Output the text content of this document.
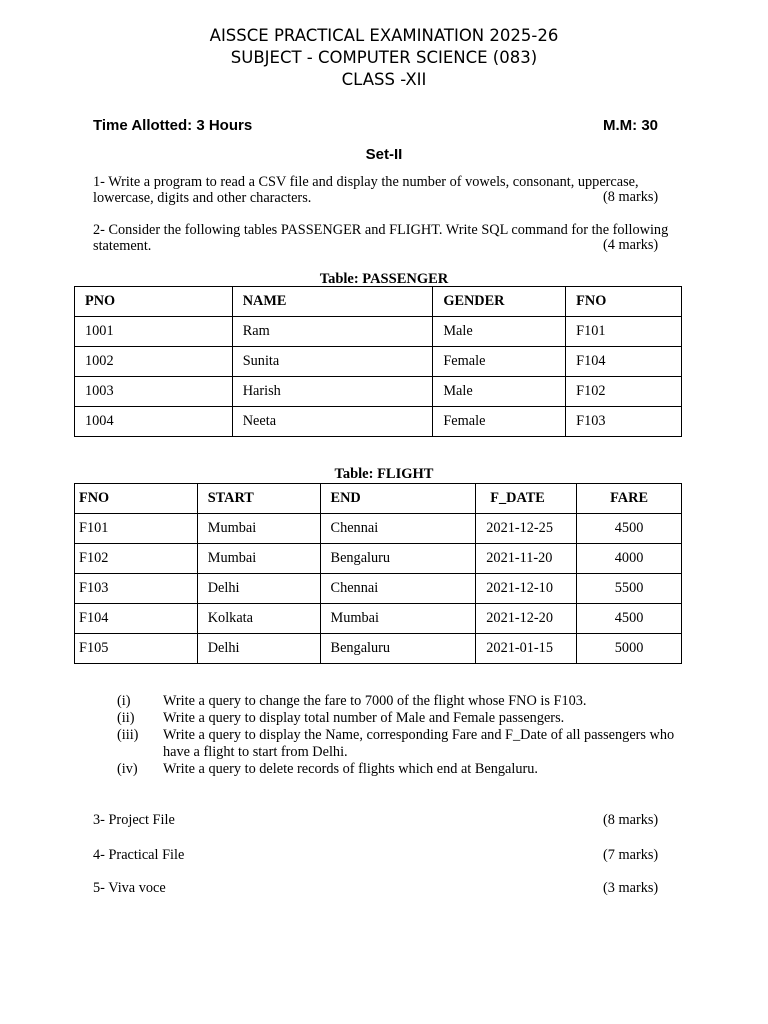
AISSCE PRACTICAL EXAMINATION 2025-26
SUBJECT - COMPUTER SCIENCE (083)
CLASS -XII
Time Allotted: 3 Hours	M.M: 30
Set-II
1- Write a program to read a CSV file and display the number of vowels, consonant, uppercase, lowercase, digits and other characters.	(8 marks)
2- Consider the following tables PASSENGER and FLIGHT. Write SQL command for the following statement.	(4 marks)
Table: PASSENGER
PNO	NAME	GENDER	FNO
1001	Ram	Male	F101
1002	Sunita	Female	F104
1003	Harish	Male	F102
1004	Neeta	Female	F103
Table: FLIGHT
FNO	START	END	F_DATE	FARE
F101	Mumbai	Chennai	2021-12-25	4500
F102	Mumbai	Bengaluru	2021-11-20	4000
F103	Delhi	Chennai	2021-12-10	5500
F104	Kolkata	Mumbai	2021-12-20	4500
F105	Delhi	Bengaluru	2021-01-15	5000
(i) Write a query to change the fare to 7000 of the flight whose FNO is F103.
(ii) Write a query to display total number of Male and Female passengers.
(iii) Write a query to display the Name, corresponding Fare and F_Date of all passengers who have a flight to start from Delhi.
(iv) Write a query to delete records of flights which end at Bengaluru.
3- Project File	(8 marks)
4- Practical File	(7 marks)
5- Viva voce	(3 marks)
